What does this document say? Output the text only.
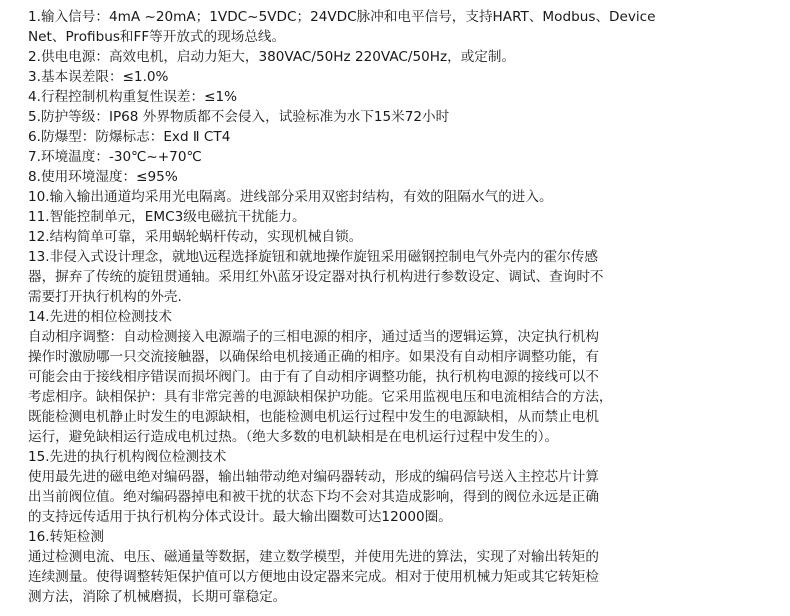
1.输入信号：4mA ~20mA；1VDC~5VDC；24VDC脉冲和电平信号，支持HART、Modbus、Device
Net、Profibus和FF等开放式的现场总线。
2.供电电源：高效电机，启动力矩大，380VAC/50Hz 220VAC/50Hz，或定制。
3.基本误差限：≤1.0%
4.行程控制机构重复性误差：≤1%
5.防护等级：IP68 外界物质都不会侵入，试验标准为水下15米72小时
6.防爆型：防爆标志：Exd Ⅱ CT4
7.环境温度：-30℃~+70℃
8.使用环境湿度：≤95%
10.输入输出通道均采用光电隔离。进线部分采用双密封结构，有效的阻隔水气的进入。
11.智能控制单元，EMC3级电磁抗干扰能力。
12.结构简单可靠，采用蜗轮蜗杆传动，实现机械自锁。
13.非侵入式设计理念，就地\远程选择旋钮和就地操作旋钮采用磁钢控制电气外壳内的霍尔传感
器，摒弃了传统的旋钮贯通轴。采用红外\蓝牙设定器对执行机构进行参数设定、调试、查询时不
需要打开执行机构的外壳.
14.先进的相位检测技术
自动相序调整：自动检测接入电源端子的三相电源的相序，通过适当的逻辑运算，决定执行机构
操作时激励哪一只交流接触器，以确保给电机接通正确的相序。如果没有自动相序调整功能，有
可能会由于接线相序错误而损坏阀门。由于有了自动相序调整功能，执行机构电源的接线可以不
考虑相序。缺相保护：具有非常完善的电源缺相保护功能。它采用监视电压和电流相结合的方法，
既能检测电机静止时发生的电源缺相，也能检测电机运行过程中发生的电源缺相，从而禁止电机
运行，避免缺相运行造成电机过热。（绝大多数的电机缺相是在电机运行过程中发生的）。
15.先进的执行机构阀位检测技术
使用最先进的磁电绝对编码器，输出轴带动绝对编码器转动，形成的编码信号送入主控芯片计算
出当前阀位值。绝对编码器掉电和被干扰的状态下均不会对其造成影响，得到的阀位永远是正确
的支持远传适用于执行机构分体式设计。最大输出圈数可达12000圈。
16.转矩检测
通过检测电流、电压、磁通量等数据，建立数学模型，并使用先进的算法，实现了对输出转矩的
连续测量。使得调整转矩保护值可以方便地由设定器来完成。相对于使用机械力矩或其它转矩检
测方法，消除了机械磨损，长期可靠稳定。
